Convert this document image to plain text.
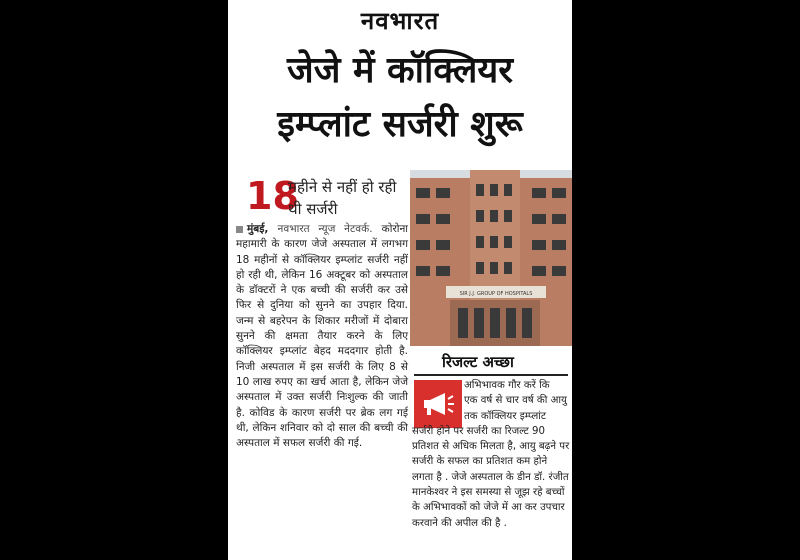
नवभारत
जेजे में कॉक्लियर
इम्प्लांट सर्जरी शुरू
18
महीने से नहीं हो रही थी सर्जरी
मुंबई, नवभारत न्यूज नेटवर्क. कोरोना महामारी के कारण जेजे अस्पताल में लगभग 18 महीनों से कॉक्लियर इम्प्लांट सर्जरी नहीं हो रही थी, लेकिन 16 अक्टूबर को अस्पताल के डॉक्टरों ने एक बच्ची की सर्जरी कर उसे फिर से दुनिया को सुनने का उपहार दिया. जन्म से बहरेपन के शिकार मरीजों में दोबारा सुनने की क्षमता तैयार करने के लिए कॉक्लियर इम्प्लांट बेहद मददगार होती है. निजी अस्पताल में इस सर्जरी के लिए 8 से 10 लाख रुपए का खर्च आता है, लेकिन जेजे अस्पताल में उक्त सर्जरी निःशुल्क की जाती है. कोविड के कारण सर्जरी पर ब्रेक लग गई थी, लेकिन शनिवार को दो साल की बच्ची की अस्पताल में सफल सर्जरी की गई.
SIR J.J. GROUP OF HOSPITALS
रिजल्ट अच्छा
अभिभावक गौर करें कि
एक वर्ष से चार वर्ष की आयु
तक कॉक्लियर इम्प्लांट
सर्जरी होने पर सर्जरी का रिजल्ट 90 प्रतिशत से अधिक मिलता है, आयु बढ़ने पर सर्जरी के सफल का प्रतिशत कम होने लगता है . जेजे अस्पताल के डीन डॉ. रंजीत मानकेश्वर ने इस समस्या से जूझ रहे बच्चों के अभिभावकों को जेजे में आ कर उपचार करवाने की अपील की है .
